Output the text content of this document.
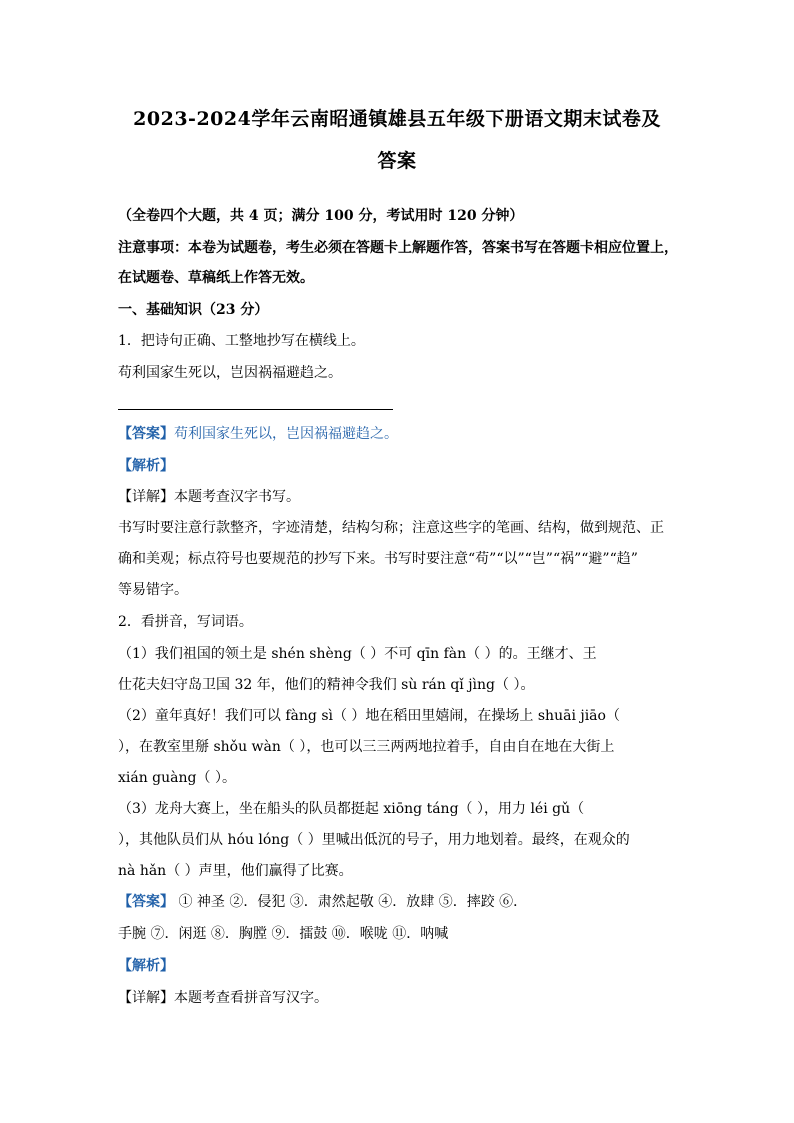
2023-2024学年云南昭通镇雄县五年级下册语文期末试卷及
答案
（全卷四个大题，共 4 页；满分 100 分，考试用时 120 分钟）
注意事项：本卷为试题卷，考生必须在答题卡上解题作答，答案书写在答题卡相应位置上，
在试题卷、草稿纸上作答无效。
一、基础知识（23 分）
1．把诗句正确、工整地抄写在横线上。
苟利国家生死以，岂因祸福避趋之。
【答案】苟利国家生死以，岂因祸福避趋之。
【解析】
【详解】本题考查汉字书写。
书写时要注意行款整齐，字迹清楚，结构匀称；注意这些字的笔画、结构，做到规范、正
确和美观；标点符号也要规范的抄写下来。书写时要注意“苟”“以”“岂”“祸”“避”“趋”
等易错字。
2．看拼音，写词语。
（1）我们祖国的领土是 shén shèng（ ）不可 qīn fàn（ ）的。王继才、王
仕花夫妇守岛卫国 32 年，他们的精神令我们 sù rán qǐ jìng（ ）。
（2）童年真好！我们可以 fàng sì（ ）地在稻田里嬉闹，在操场上 shuāi jiāo（
），在教室里掰 shǒu wàn（ ），也可以三三两两地拉着手，自由自在地在大街上
xián guàng（ ）。
（3）龙舟大赛上，坐在船头的队员都挺起 xiōng táng（ ），用力 léi gǔ（
），其他队员们从 hóu lóng（ ）里喊出低沉的号子，用力地划着。最终，在观众的
nà hǎn（ ）声里，他们赢得了比赛。
【答案】 ① 神圣 ②．侵犯 ③．肃然起敬 ④．放肆 ⑤．摔跤 ⑥．
手腕 ⑦．闲逛 ⑧．胸膛 ⑨．擂鼓 ⑩．喉咙 ⑪．呐喊
【解析】
【详解】本题考查看拼音写汉字。
